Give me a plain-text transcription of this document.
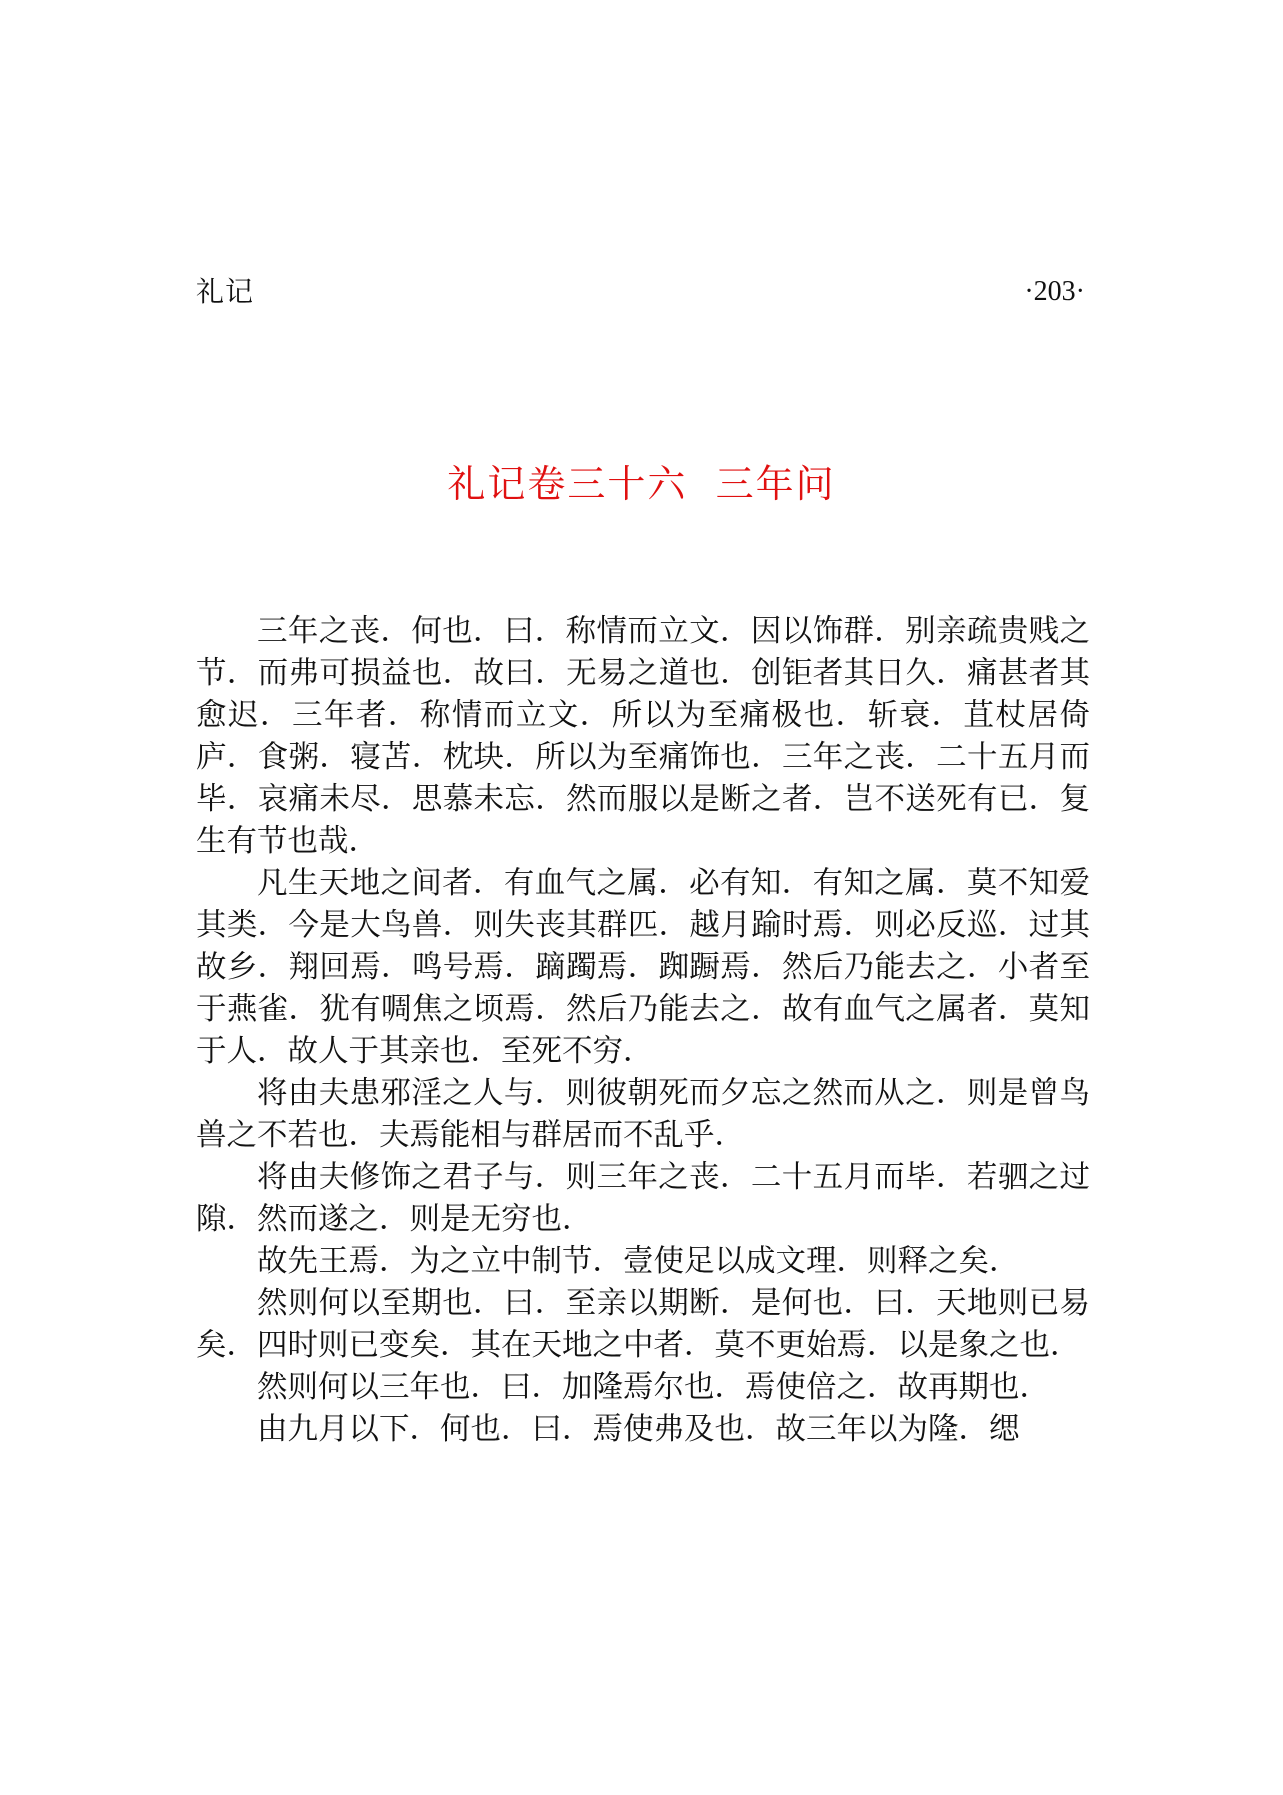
礼记	·203·
礼记卷三十六  三年问

三年之丧．何也．曰．称情而立文．因以饰群．别亲疏贵贱之节．而弗可损益也．故曰．无易之道也．创钜者其日久．痛甚者其愈迟．三年者．称情而立文．所以为至痛极也．斩衰．苴杖居倚庐．食粥．寝苫．枕块．所以为至痛饰也．三年之丧．二十五月而毕．哀痛未尽．思慕未忘．然而服以是断之者．岂不送死有已．复生有节也哉．

凡生天地之间者．有血气之属．必有知．有知之属．莫不知爱其类．今是大鸟兽．则失丧其群匹．越月踰时焉．则必反巡．过其故乡．翔回焉．鸣号焉．蹢躅焉．踟蹰焉．然后乃能去之．小者至于燕雀．犹有啁焦之顷焉．然后乃能去之．故有血气之属者．莫知于人．故人于其亲也．至死不穷．

将由夫患邪淫之人与．则彼朝死而夕忘之然而从之．则是曾鸟兽之不若也．夫焉能相与群居而不乱乎．

将由夫修饰之君子与．则三年之丧．二十五月而毕．若驷之过隙．然而遂之．则是无穷也．

故先王焉．为之立中制节．壹使足以成文理．则释之矣．

然则何以至期也．曰．至亲以期断．是何也．曰．天地则已易矣．四时则已变矣．其在天地之中者．莫不更始焉．以是象之也．

然则何以三年也．曰．加隆焉尔也．焉使倍之．故再期也．

由九月以下．何也．曰．焉使弗及也．故三年以为隆．缌
